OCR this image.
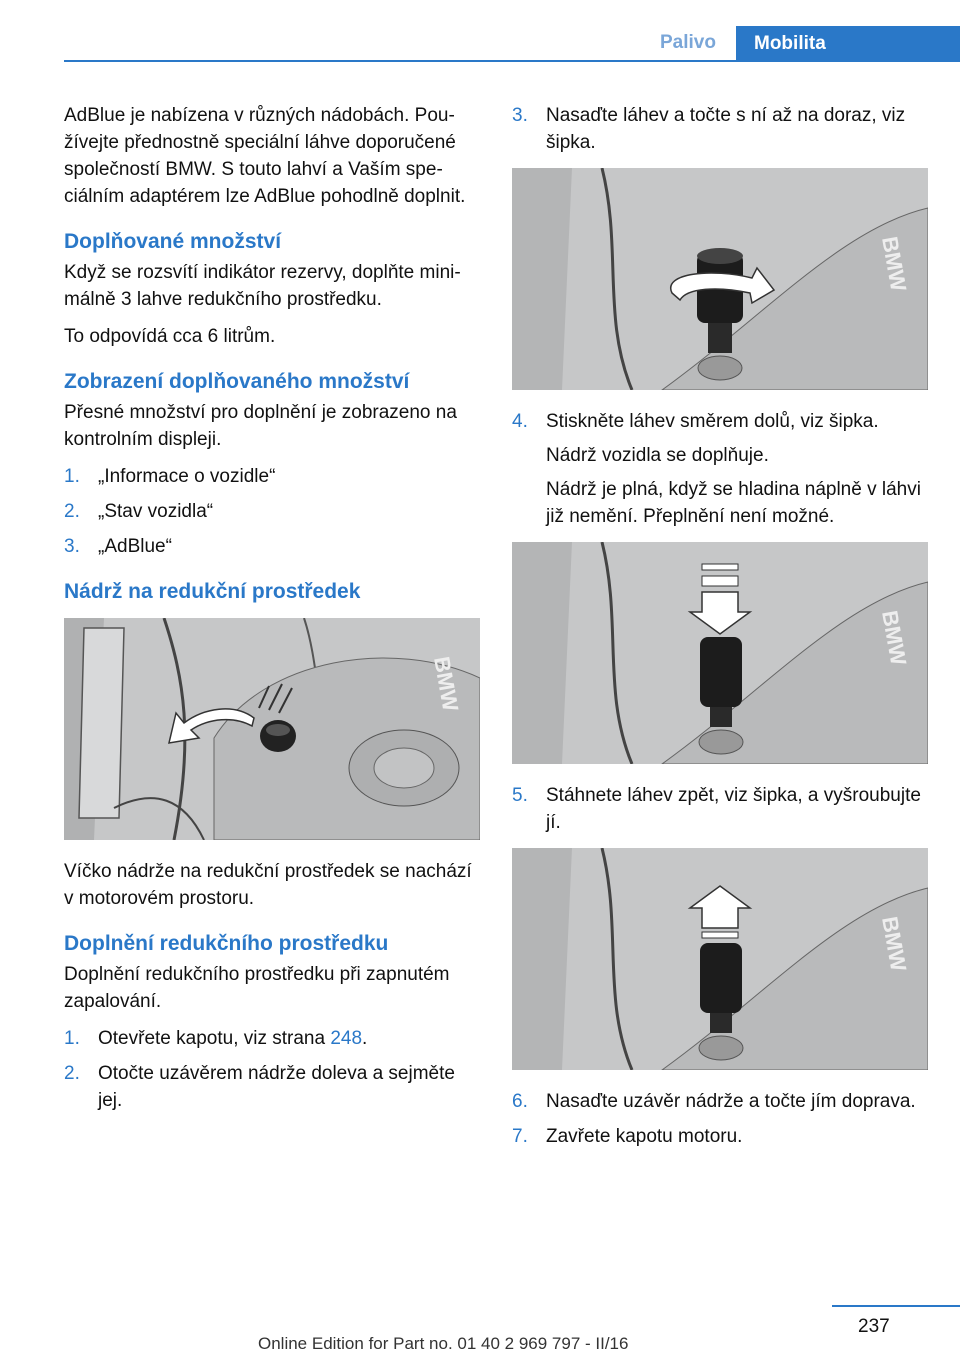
Palivo	Mobilita

AdBlue je nabízena v různých nádobách. Používejte přednostně speciální láhve doporučené společností BMW. S touto lahví a Vaším speciálním adaptérem lze AdBlue pohodlně doplnit.

Doplňované množství

Když se rozsvítí indikátor rezervy, doplňte minimálně 3 lahve redukčního prostředku.

To odpovídá cca 6 litrům.

Zobrazení doplňovaného množství

Přesné množství pro doplnění je zobrazeno na kontrolním displeji.

1. „Informace o vozidle“
2. „Stav vozidla“
3. „AdBlue“
Nádrž na redukční prostředek
BMW

Víčko nádrže na redukční prostředek se nachází v motorovém prostoru.

Doplnění redukčního prostředku

Doplnění redukčního prostředku při zapnutém zapalování.

1. Otevřete kapotu, viz strana 248.
2. Otočte uzávěrem nádrže doleva a sejměte jej.
3. Nasaďte láhev a točte s ní až na doraz, viz šipka.
BMW
4. Stiskněte láhev směrem dolů, viz šipka.

Nádrž vozidla se doplňuje.

Nádrž je plná, když se hladina náplně v láhvi již nemění. Přeplnění není možné.

BMW
5. Stáhnete láhev zpět, viz šipka, a vyšroubujte jí.
BMW
6. Nasaďte uzávěr nádrže a točte jím doprava.
7. Zavřete kapotu motoru.
237
Online Edition for Part no. 01 40 2 969 797 - II/16
